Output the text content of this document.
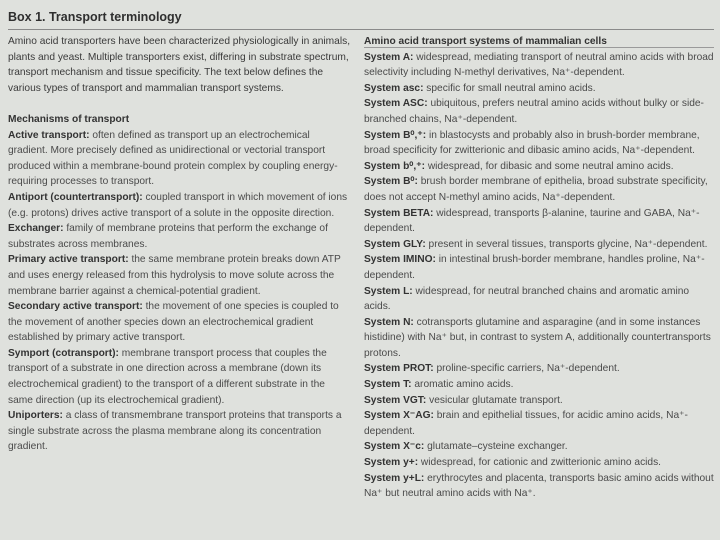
Box 1. Transport terminology

Amino acid transporters have been characterized physiologically in animals, plants and yeast. Multiple transporters exist, differing in substrate spectrum, transport mechanism and tissue specificity. The text below defines the various types of transport and mammalian transport systems.

Mechanisms of transport

Active transport: often defined as transport up an electrochemical gradient. More precisely defined as unidirectional or vectorial transport produced within a membrane-bound protein complex by coupling energy-requiring processes to transport.

Antiport (countertransport): coupled transport in which movement of ions (e.g. protons) drives active transport of a solute in the opposite direction.

Exchanger: family of membrane proteins that perform the exchange of substrates across membranes.

Primary active transport: the same membrane protein breaks down ATP and uses energy released from this hydrolysis to move solute across the membrane barrier against a chemical-potential gradient.

Secondary active transport: the movement of one species is coupled to the movement of another species down an electrochemical gradient established by primary active transport.

Symport (cotransport): membrane transport process that couples the transport of a substrate in one direction across a membrane (down its electrochemical gradient) to the transport of a different substrate in the same direction (up its electrochemical gradient).

Uniporters: a class of transmembrane transport proteins that transports a single substrate across the plasma membrane along its concentration gradient.

Amino acid transport systems of mammalian cells

System A: widespread, mediating transport of neutral amino acids with broad selectivity including N-methyl derivatives, Na⁺-dependent.

System asc: specific for small neutral amino acids.

System ASC: ubiquitous, prefers neutral amino acids without bulky or side-branched chains, Na⁺-dependent.

System B⁰,⁺: in blastocysts and probably also in brush-border membrane, broad specificity for zwitterionic and dibasic amino acids, Na⁺-dependent.

System b⁰,⁺: widespread, for dibasic and some neutral amino acids.

System B⁰: brush border membrane of epithelia, broad substrate specificity, does not accept N-methyl amino acids, Na⁺-dependent.

System BETA: widespread, transports β-alanine, taurine and GABA, Na⁺-dependent.

System GLY: present in several tissues, transports glycine, Na⁺-dependent.

System IMINO: in intestinal brush-border membrane, handles proline, Na⁺-dependent.

System L: widespread, for neutral branched chains and aromatic amino acids.

System N: cotransports glutamine and asparagine (and in some instances histidine) with Na⁺ but, in contrast to system A, additionally countertransports protons.

System PROT: proline-specific carriers, Na⁺-dependent.

System T: aromatic amino acids.

System VGT: vesicular glutamate transport.

System X⁻AG: brain and epithelial tissues, for acidic amino acids, Na⁺-dependent.

System X⁻c: glutamate–cysteine exchanger.

System y+: widespread, for cationic and zwitterionic amino acids.

System y+L: erythrocytes and placenta, transports basic amino acids without Na⁺ but neutral amino acids with Na⁺.
